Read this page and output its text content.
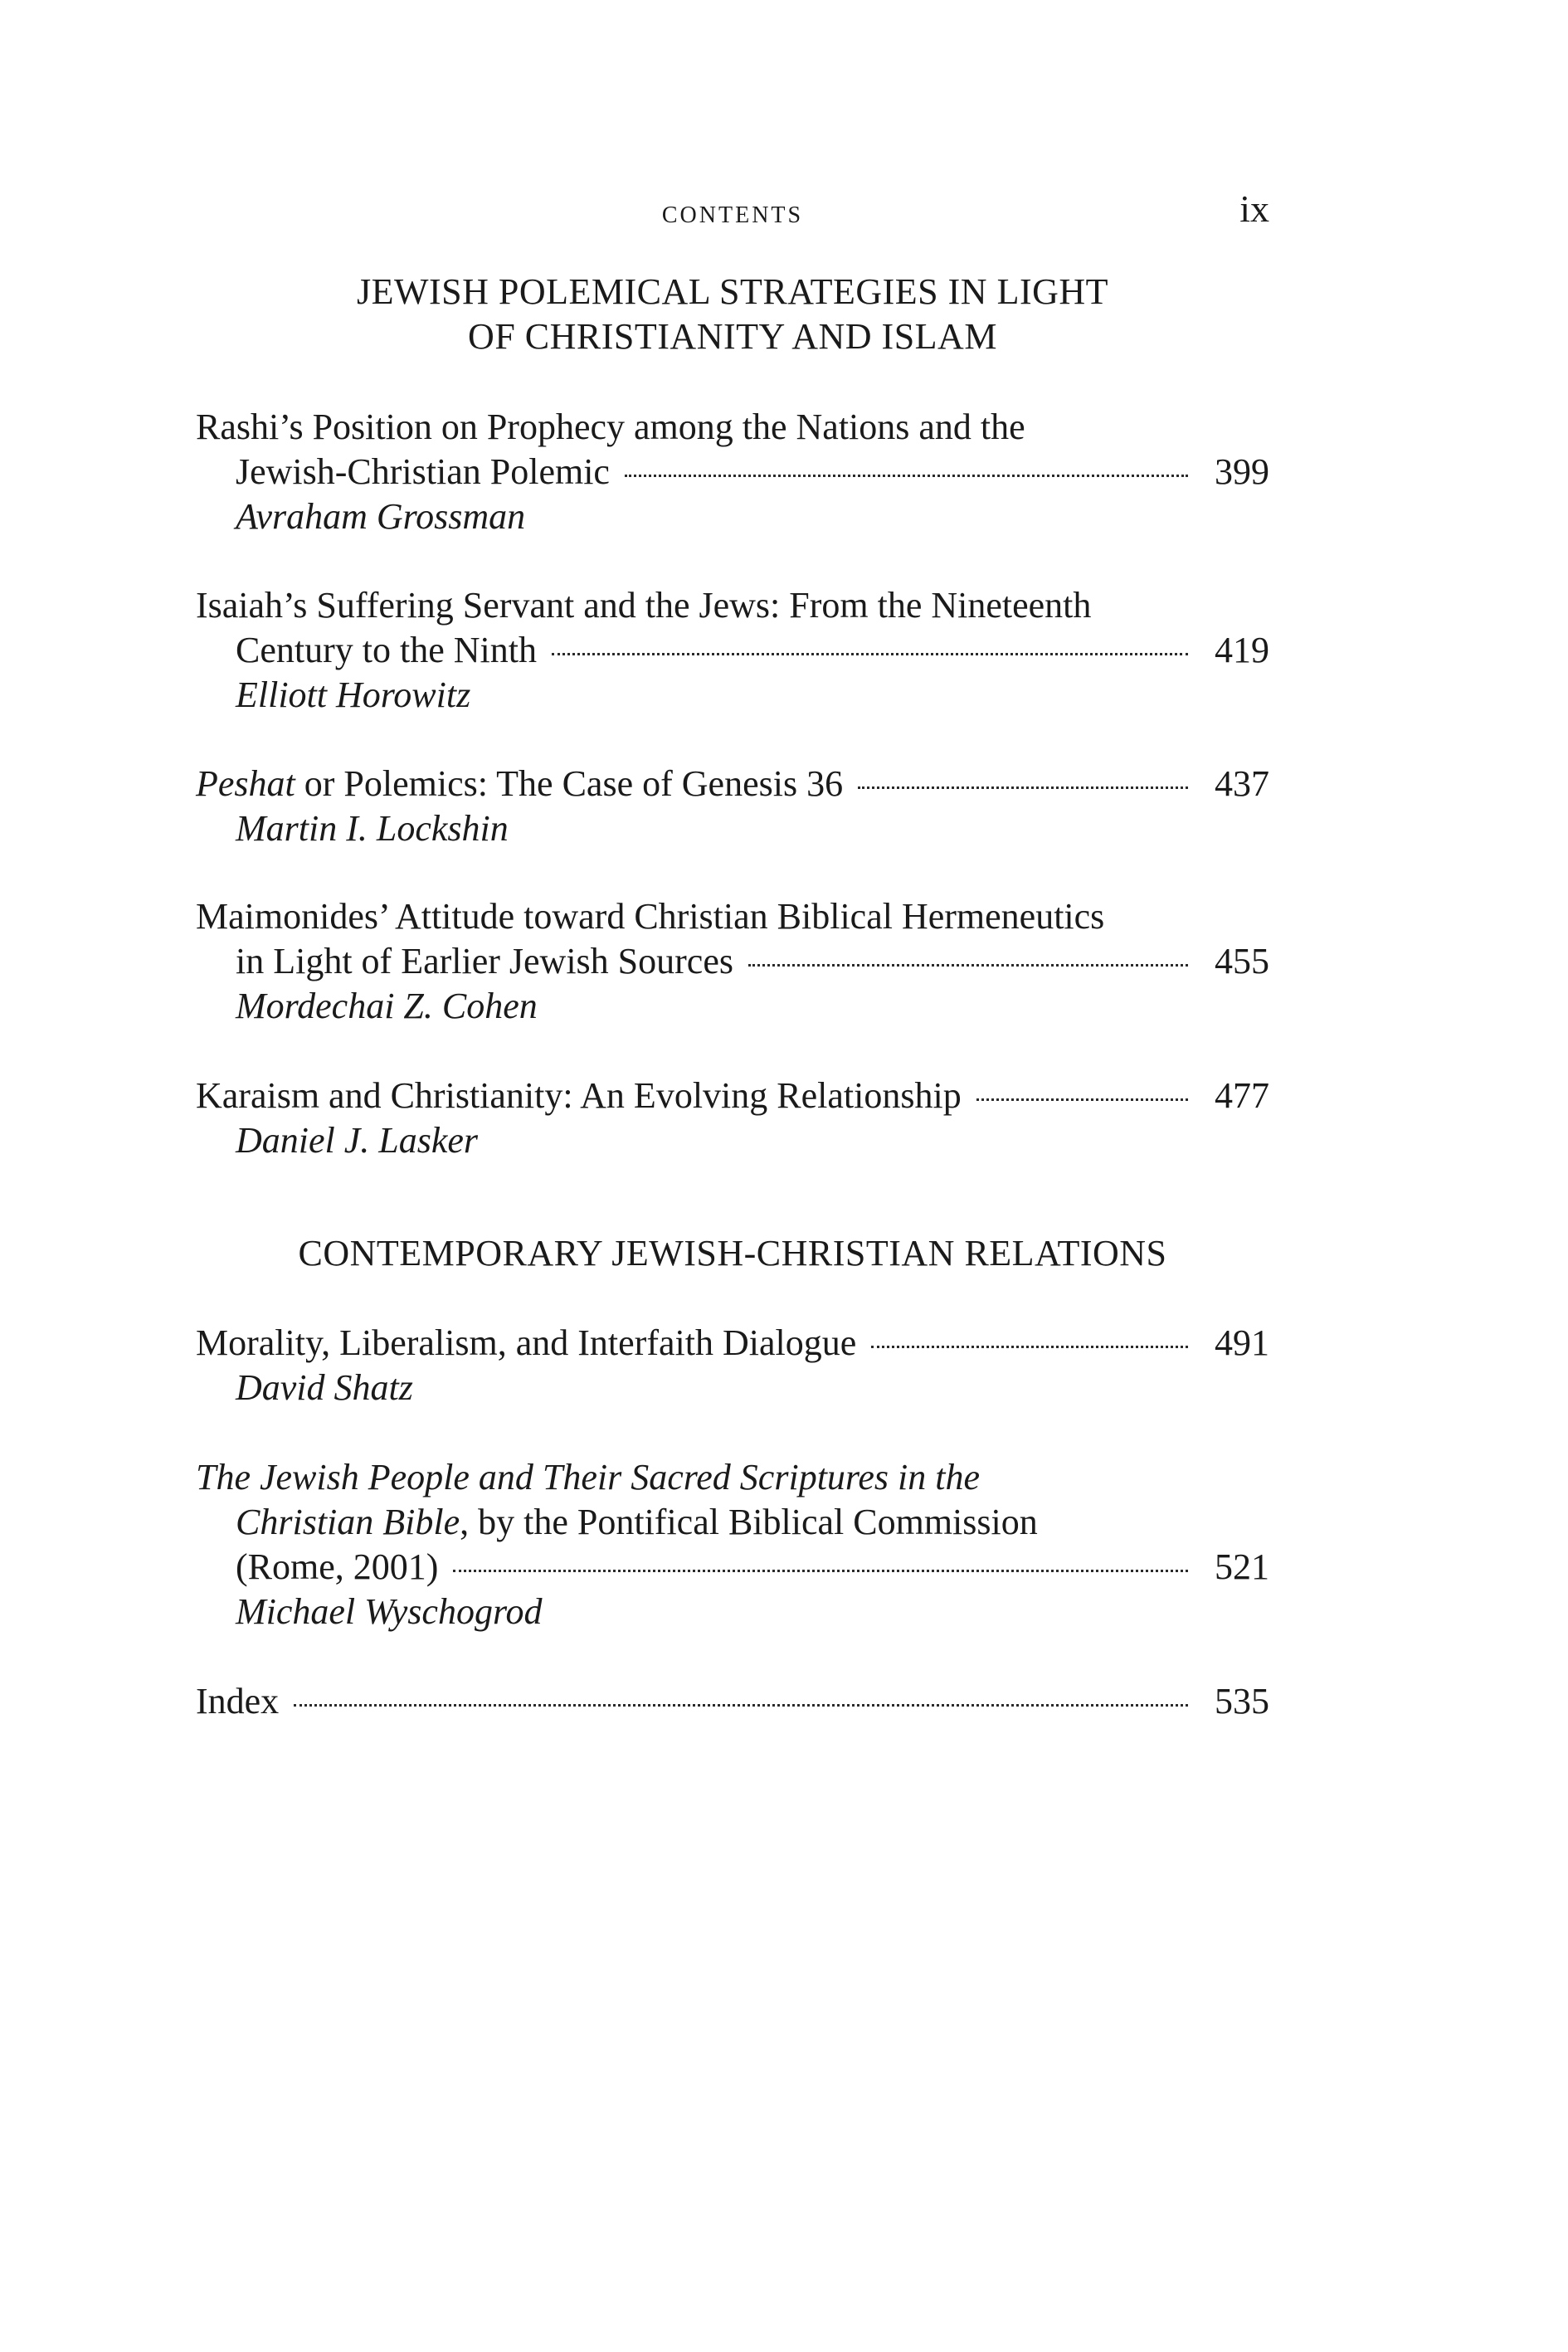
contents	ix
JEWISH POLEMICAL STRATEGIES IN LIGHT
OF CHRISTIANITY AND ISLAM
Rashi’s Position on Prophecy among the Nations and the
Jewish-Christian Polemic	399
Avraham Grossman
Isaiah’s Suffering Servant and the Jews: From the Nineteenth
Century to the Ninth	419
Elliott Horowitz
Peshat or Polemics: The Case of Genesis 36	437
Martin I. Lockshin
Maimonides’ Attitude toward Christian Biblical Hermeneutics
in Light of Earlier Jewish Sources	455
Mordechai Z. Cohen
Karaism and Christianity: An Evolving Relationship	477
Daniel J. Lasker
CONTEMPORARY JEWISH-CHRISTIAN RELATIONS
Morality, Liberalism, and Interfaith Dialogue	491
David Shatz
The Jewish People and Their Sacred Scriptures in the
Christian Bible, by the Pontifical Biblical Commission
(Rome, 2001)	521
Michael Wyschogrod
Index	535
